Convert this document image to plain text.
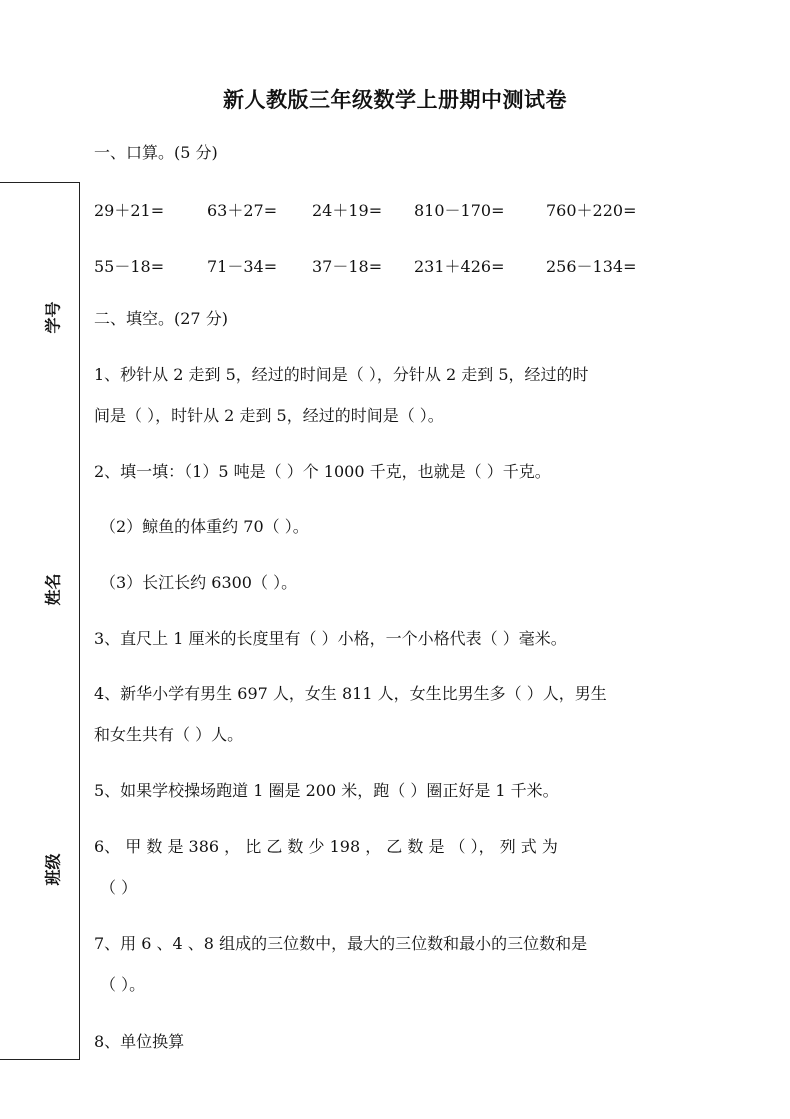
新人教版三年级数学上册期中测试卷
学号
姓名
班级
一、口算。(5 分)
29＋21=	63＋27= 24＋19= 810－170=	760＋220=
55－18=	71－34= 37－18= 231＋426=	256－134=
二、填空。(27 分)
1、秒针从 2 走到 5，经过的时间是（ ），分针从 2 走到 5，经过的时
间是（ ），时针从 2 走到 5，经过的时间是（ ）。
2、填一填：（1）5 吨是（ ）个 1000 千克，也就是（ ）千克。
（2）鲸鱼的体重约 70（ ）。
（3）长江长约 6300（ ）。
3、直尺上 1 厘米的长度里有（ ）小格，一个小格代表（ ）毫米。
4、新华小学有男生 697 人，女生 811 人，女生比男生多（ ）人，男生
和女生共有（ ）人。
5、如果学校操场跑道 1 圈是 200 米，跑（ ）圈正好是 1 千米。
6、 甲 数 是 386 ， 比 乙 数 少 198 ， 乙 数 是 （ ）， 列 式 为
（ ）
7、用 6 、4 、8 组成的三位数中，最大的三位数和最小的三位数和是
（ ）。
8、单位换算
